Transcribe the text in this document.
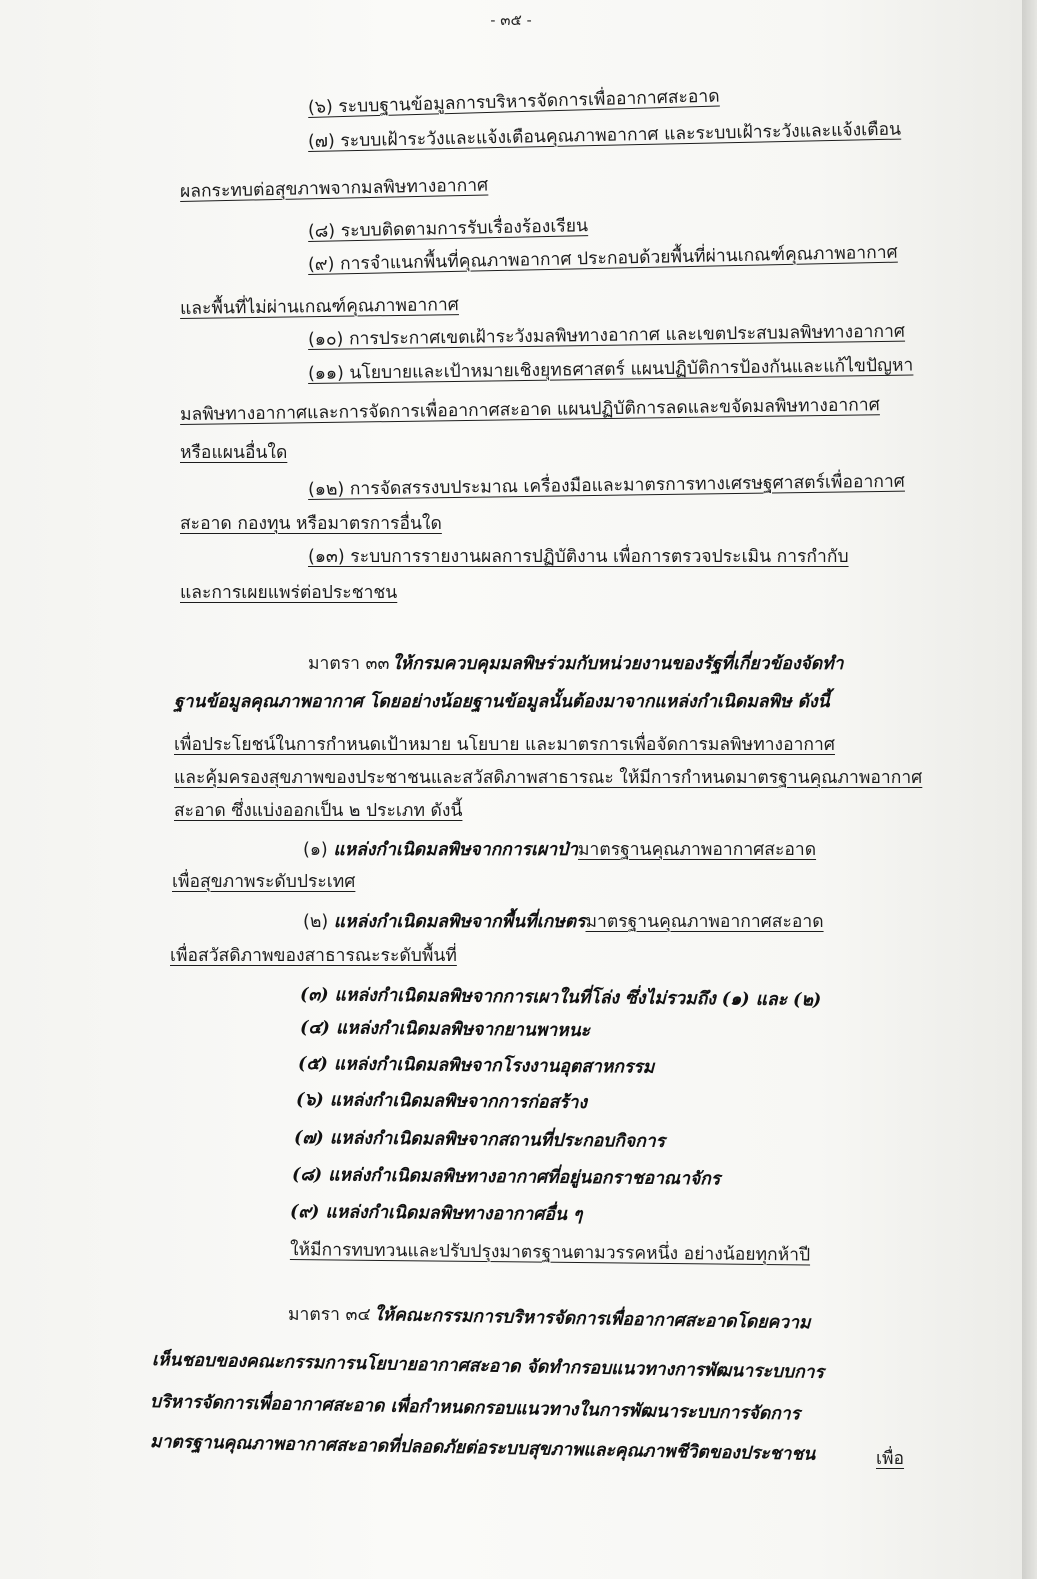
- ๓๕ -
(๖) ระบบฐานข้อมูลการบริหารจัดการเพื่ออากาศสะอาด
(๗) ระบบเฝ้าระวังและแจ้งเตือนคุณภาพอากาศ และระบบเฝ้าระวังและแจ้งเตือน
ผลกระทบต่อสุขภาพจากมลพิษทางอากาศ
(๘) ระบบติดตามการรับเรื่องร้องเรียน
(๙) การจำแนกพื้นที่คุณภาพอากาศ ประกอบด้วยพื้นที่ผ่านเกณฑ์คุณภาพอากาศ
และพื้นที่ไม่ผ่านเกณฑ์คุณภาพอากาศ
(๑๐) การประกาศเขตเฝ้าระวังมลพิษทางอากาศ และเขตประสบมลพิษทางอากาศ
(๑๑) นโยบายและเป้าหมายเชิงยุทธศาสตร์ แผนปฏิบัติการป้องกันและแก้ไขปัญหา
มลพิษทางอากาศและการจัดการเพื่ออากาศสะอาด แผนปฏิบัติการลดและขจัดมลพิษทางอากาศ
หรือแผนอื่นใด
(๑๒) การจัดสรรงบประมาณ เครื่องมือและมาตรการทางเศรษฐศาสตร์เพื่ออากาศ
สะอาด กองทุน หรือมาตรการอื่นใด
(๑๓) ระบบการรายงานผลการปฏิบัติงาน เพื่อการตรวจประเมิน การกำกับ
และการเผยแพร่ต่อประชาชน
มาตรา ๓๓ ให้กรมควบคุมมลพิษร่วมกับหน่วยงานของรัฐที่เกี่ยวข้องจัดทำ
ฐานข้อมูลคุณภาพอากาศ โดยอย่างน้อยฐานข้อมูลนั้นต้องมาจากแหล่งกำเนิดมลพิษ ดังนี้
เพื่อประโยชน์ในการกำหนดเป้าหมาย นโยบาย และมาตรการเพื่อจัดการมลพิษทางอากาศ
และคุ้มครองสุขภาพของประชาชนและสวัสดิภาพสาธารณะ ให้มีการกำหนดมาตรฐานคุณภาพอากาศ
สะอาด ซึ่งแบ่งออกเป็น ๒ ประเภท ดังนี้
(๑) แหล่งกำเนิดมลพิษจากการเผาป่ามาตรฐานคุณภาพอากาศสะอาด
เพื่อสุขภาพระดับประเทศ
(๒) แหล่งกำเนิดมลพิษจากพื้นที่เกษตรมาตรฐานคุณภาพอากาศสะอาด
เพื่อสวัสดิภาพของสาธารณะระดับพื้นที่
(๓) แหล่งกำเนิดมลพิษจากการเผาในที่โล่ง ซึ่งไม่รวมถึง (๑) และ (๒)
(๔) แหล่งกำเนิดมลพิษจากยานพาหนะ
(๕) แหล่งกำเนิดมลพิษจากโรงงานอุตสาหกรรม
(๖) แหล่งกำเนิดมลพิษจากการก่อสร้าง
(๗) แหล่งกำเนิดมลพิษจากสถานที่ประกอบกิจการ
(๘) แหล่งกำเนิดมลพิษทางอากาศที่อยู่นอกราชอาณาจักร
(๙) แหล่งกำเนิดมลพิษทางอากาศอื่น ๆ
ให้มีการทบทวนและปรับปรุงมาตรฐานตามวรรคหนึ่ง อย่างน้อยทุกห้าปี
มาตรา ๓๔ ให้คณะกรรมการบริหารจัดการเพื่ออากาศสะอาดโดยความ
เห็นชอบของคณะกรรมการนโยบายอากาศสะอาด จัดทำกรอบแนวทางการพัฒนาระบบการ
บริหารจัดการเพื่ออากาศสะอาด เพื่อกำหนดกรอบแนวทางในการพัฒนาระบบการจัดการ
มาตรฐานคุณภาพอากาศสะอาดที่ปลอดภัยต่อระบบสุขภาพและคุณภาพชีวิตของประชาชน	เพื่อ
